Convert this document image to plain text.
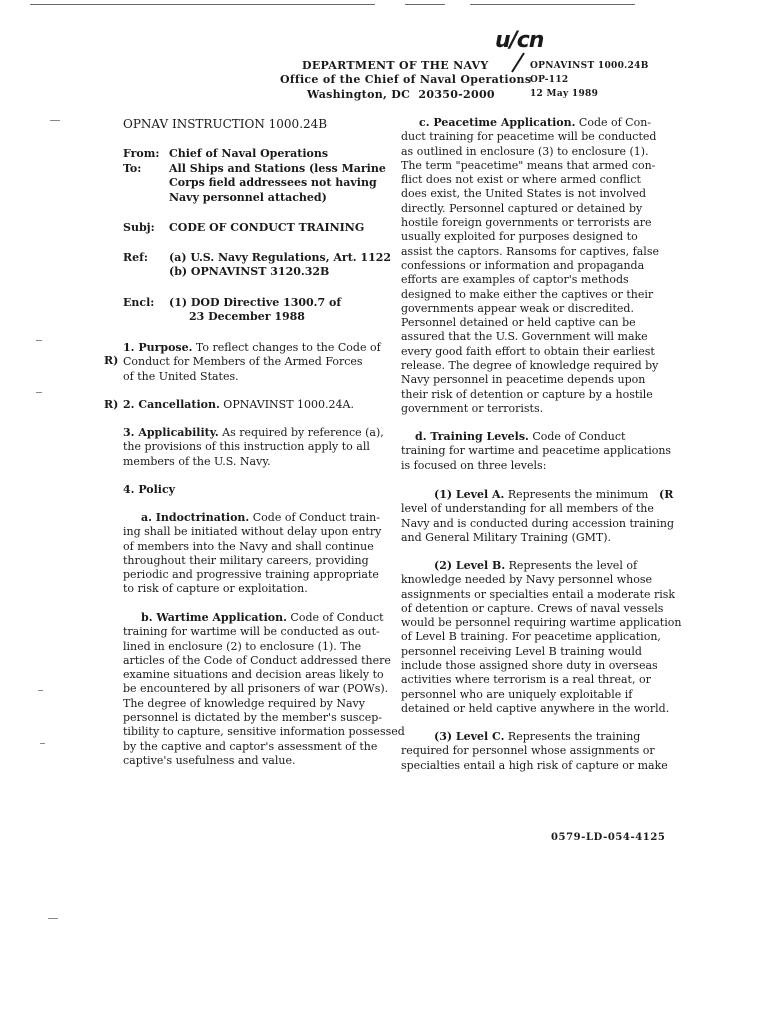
u/cn
DEPARTMENT OF THE NAVY
Office of the Chief of Naval Operations
Washington, DC  20350-2000
OPNAVINST 1000.24B
OP-112
12 May 1989
R)
R)
(R
OPNAV INSTRUCTION 1000.24B
From: Chief of Naval Operations
To:	All Ships and Stations (less Marine
Corps field addressees not having
Navy personnel attached)
Subj: CODE OF CONDUCT TRAINING
Ref: (a) U.S. Navy Regulations, Art. 1122
(b) OPNAVINST 3120.32B
Encl: (1) DOD Directive 1300.7 of
23 December 1988
1. Purpose. To reflect changes to the Code of
Conduct for Members of the Armed Forces
of the United States.
2. Cancellation. OPNAVINST 1000.24A.
3. Applicability. As required by reference (a),
the provisions of this instruction apply to all
members of the U.S. Navy.
4. Policy
a. Indoctrination. Code of Conduct train-
ing shall be initiated without delay upon entry
of members into the Navy and shall continue
throughout their military careers, providing
periodic and progressive training appropriate
to risk of capture or exploitation.
b. Wartime Application. Code of Conduct
training for wartime will be conducted as out-
lined in enclosure (2) to enclosure (1). The
articles of the Code of Conduct addressed there
examine situations and decision areas likely to
be encountered by all prisoners of war (POWs).
The degree of knowledge required by Navy
personnel is dictated by the member's suscep-
tibility to capture, sensitive information possessed
by the captive and captor's assessment of the
captive's usefulness and value.
c. Peacetime Application. Code of Con-
duct training for peacetime will be conducted
as outlined in enclosure (3) to enclosure (1).
The term "peacetime" means that armed con-
flict does not exist or where armed conflict
does exist, the United States is not involved
directly. Personnel captured or detained by
hostile foreign governments or terrorists are
usually exploited for purposes designed to
assist the captors. Ransoms for captives, false
confessions or information and propaganda
efforts are examples of captor's methods
designed to make either the captives or their
governments appear weak or discredited.
Personnel detained or held captive can be
assured that the U.S. Government will make
every good faith effort to obtain their earliest
release. The degree of knowledge required by
Navy personnel in peacetime depends upon
their risk of detention or capture by a hostile
government or terrorists.
d. Training Levels. Code of Conduct
training for wartime and peacetime applications
is focused on three levels:
(1) Level A. Represents the minimum
level of understanding for all members of the
Navy and is conducted during accession training
and General Military Training (GMT).
(2) Level B. Represents the level of
knowledge needed by Navy personnel whose
assignments or specialties entail a moderate risk
of detention or capture. Crews of naval vessels
would be personnel requiring wartime application
of Level B training. For peacetime application,
personnel receiving Level B training would
include those assigned shore duty in overseas
activities where terrorism is a real threat, or
personnel who are uniquely exploitable if
detained or held captive anywhere in the world.
(3) Level C. Represents the training
required for personnel whose assignments or
specialties entail a high risk of capture or make
0579-LD-054-4125
